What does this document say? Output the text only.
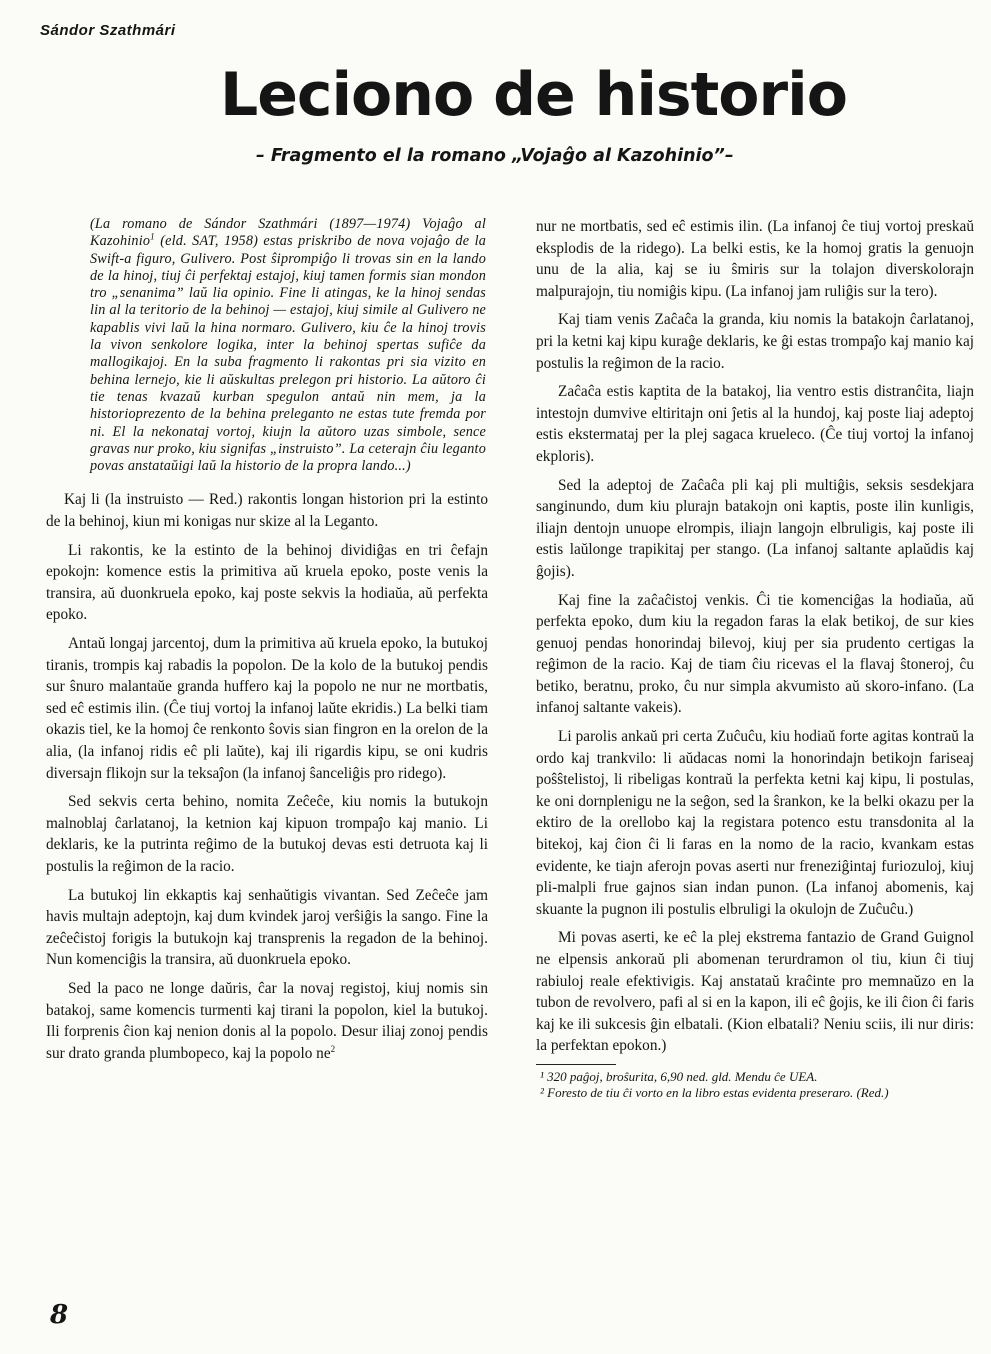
Sándor Szathmári
Leciono de historio
– Fragmento el la romano „Vojaĝo al Kazohinio”–

(La romano de Sándor Szathmári (1897—1974) Vojaĝo al Kazohinio$^1$ (eld. SAT, 1958) estas priskribo de nova vojaĝo de la Swift-a figuro, Gulivero. Post ŝiprompiĝo li trovas sin en la lando de la hinoj, tiuj ĉi perfektaj estajoj, kiuj tamen formis sian mondon tro „senanima” laŭ lia opinio. Fine li atingas, ke la hinoj sendas lin al la teritorio de la behinoj — estajoj, kiuj simile al Gulivero ne kapablis vivi laŭ la hina normaro. Gulivero, kiu ĉe la hinoj trovis la vivon senkolore logika, inter la behinoj spertas sufiĉe da mallogikajoj. En la suba fragmento li rakontas pri sia vizito en behina lernejo, kie li aŭskultas prelegon pri historio. La aŭtoro ĉi tie tenas kvazaŭ kurban spegulon antaŭ nin mem, ja la historioprezento de la behina preleganto ne estas tute fremda por ni. El la nekonataj vortoj, kiujn la aŭtoro uzas simbole, sence gravas nur proko, kiu signifas „instruisto”. La ceterajn ĉiu leganto povas anstataŭigi laŭ la historio de la propra lando...)

Kaj li (la instruisto — Red.) rakontis longan historion pri la estinto de la behinoj, kiun mi konigas nur skize al la Leganto.

Li rakontis, ke la estinto de la behinoj dividiĝas en tri ĉefajn epokojn: komence estis la primitiva aŭ kruela epoko, poste venis la transira, aŭ duonkruela epoko, kaj poste sekvis la hodiaŭa, aŭ perfekta epoko.

Antaŭ longaj jarcentoj, dum la primitiva aŭ kruela epoko, la butukoj tiranis, trompis kaj rabadis la popolon. De la kolo de la butukoj pendis sur ŝnuro malantaŭe granda huffero kaj la popolo ne nur ne mortbatis, sed eĉ estimis ilin. (Ĉe tiuj vortoj la infanoj laŭte ekridis.) La belki tiam okazis tiel, ke la homoj ĉe renkonto ŝovis sian fingron en la orelon de la alia, (la infanoj ridis eĉ pli laŭte), kaj ili rigardis kipu, se oni kudris diversajn flikojn sur la teksaĵon (la infanoj ŝanceliĝis pro ridego).

Sed sekvis certa behino, nomita Zeĉeĉe, kiu nomis la butukojn malnoblaj ĉarlatanoj, la ketnion kaj kipuon trompaĵo kaj manio. Li deklaris, ke la putrinta reĝimo de la butukoj devas esti detruota kaj li postulis la reĝimon de la racio.

La butukoj lin ekkaptis kaj senhaŭtigis vivantan. Sed Zeĉeĉe jam havis multajn adeptojn, kaj dum kvindek jaroj verŝiĝis la sango. Fine la zeĉeĉistoj forigis la butukojn kaj transprenis la regadon de la behinoj. Nun komenciĝis la transira, aŭ duonkruela epoko.

Sed la paco ne longe daŭris, ĉar la novaj registoj, kiuj nomis sin batakoj, same komencis turmenti kaj tirani la popolon, kiel la butukoj. Ili forprenis ĉion kaj nenion donis al la popolo. Desur iliaj zonoj pendis sur drato granda plumbopeco, kaj la popolo $ne^2$

nur ne mortbatis, sed eĉ estimis ilin. (La infanoj ĉe tiuj vortoj preskaŭ eksplodis de la ridego). La belki estis, ke la homoj gratis la genuojn unu de la alia, kaj se iu ŝmiris sur la tolajon diverskolorajn malpurajojn, tiu nomiĝis kipu. (La infanoj jam ruliĝis sur la tero).

Kaj tiam venis Zaĉaĉa la granda, kiu nomis la batakojn ĉarlatanoj, pri la ketni kaj kipu kuraĝe deklaris, ke ĝi estas trompaĵo kaj manio kaj postulis la reĝimon de la racio.

Zaĉaĉa estis kaptita de la batakoj, lia ventro estis distranĉita, liajn intestojn dumvive eltiritajn oni ĵetis al la hundoj, kaj poste liaj adeptoj estis ekstermataj per la plej sagaca krueleco. (Ĉe tiuj vortoj la infanoj ekploris).

Sed la adeptoj de Zaĉaĉa pli kaj pli multiĝis, seksis sesdekjara sanginundo, dum kiu plurajn batakojn oni kaptis, poste ilin kunligis, iliajn dentojn unuope elrompis, iliajn langojn elbruligis, kaj poste ili estis laŭlonge trapikitaj per stango. (La infanoj saltante aplaŭdis kaj ĝojis).

Kaj fine la zaĉaĉistoj venkis. Ĉi tie komenciĝas la hodiaŭa, aŭ perfekta epoko, dum kiu la regadon faras la elak betikoj, de sur kies genuoj pendas honorindaj bilevoj, kiuj per sia prudento certigas la reĝimon de la racio. Kaj de tiam ĉiu ricevas el la flavaj ŝtoneroj, ĉu betiko, beratnu, proko, ĉu nur simpla akvumisto aŭ skoro-infano. (La infanoj saltante vakeis).

Li parolis ankaŭ pri certa Zuĉuĉu, kiu hodiaŭ forte agitas kontraŭ la ordo kaj trankvilo: li aŭdacas nomi la honorindajn betikojn fariseaj poŝŝtelistoj, li ribeligas kontraŭ la perfekta ketni kaj kipu, li postulas, ke oni dornplenigu ne la seĝon, sed la ŝrankon, ke la belki okazu per la ektiro de la orellobo kaj la registara potenco estu transdonita al la bitekoj, kaj ĉion ĉi li faras en la nomo de la racio, kvankam estas evidente, ke tiajn aferojn povas aserti nur freneziĝintaj furiozuloj, kiuj pli-malpli frue gajnos sian indan punon. (La infanoj abomenis, kaj skuante la pugnon ili postulis elbruligi la okulojn de Zuĉuĉu.)

Mi povas aserti, ke eĉ la plej ekstrema fantazio de Grand Guignol ne elpensis ankoraŭ pli abomenan terurdramon ol tiu, kiun ĉi tiuj rabiuloj reale efektivigis. Kaj anstataŭ kraĉinte pro memnaŭzo en la tubon de revolvero, pafi al si en la kapon, ili eĉ ĝojis, ke ili ĉion ĉi faris kaj ke ili sukcesis ĝin elbatali. (Kion elbatali? Neniu sciis, ili nur diris: la perfektan epokon.)

¹ 320 paĝoj, broŝurita, 6,90 ned. gld. Mendu ĉe UEA.

² Foresto de tiu ĉi vorto en la libro estas evidenta preseraro. (Red.)

8
